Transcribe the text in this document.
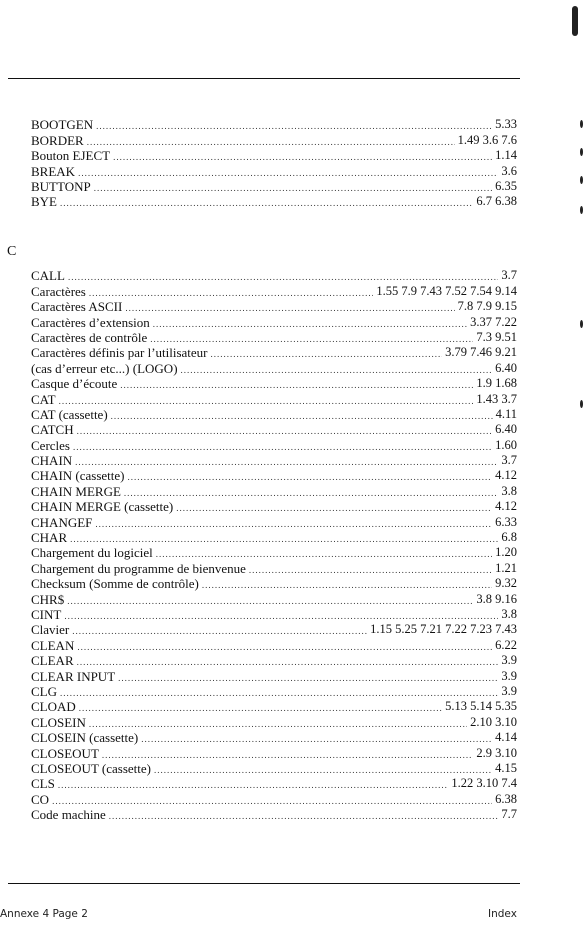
BOOTGEN .....	5.33
BORDER .....	1.49 3.6 7.6
Bouton EJECT .....	1.14
BREAK .....	3.6
BUTTONP .....	6.35
BYE .....	6.7 6.38
C
CALL .....	3.7
Caractères .....	1.55 7.9 7.43 7.52 7.54 9.14
Caractères ASCII .....	7.8 7.9 9.15
Caractères d’extension .....	3.37 7.22
Caractères de contrôle .....	7.3 9.51
Caractères définis par l’utilisateur .....	3.79 7.46 9.21
(cas d’erreur etc...) (LOGO) .....	6.40
Casque d’écoute .....	1.9 1.68
CAT .....	1.43 3.7
CAT (cassette) .....	4.11
CATCH .....	6.40
Cercles .....	1.60
CHAIN .....	3.7
CHAIN (cassette) .....	4.12
CHAIN MERGE .....	3.8
CHAIN MERGE (cassette) .....	4.12
CHANGEF .....	6.33
CHAR .....	6.8
Chargement du logiciel .....	1.20
Chargement du programme de bienvenue .....	1.21
Checksum (Somme de contrôle) .....	9.32
CHR$ .....	3.8 9.16
CINT .....	3.8
Clavier .....	1.15 5.25 7.21 7.22 7.23 7.43
CLEAN .....	6.22
CLEAR .....	3.9
CLEAR INPUT .....	3.9
CLG .....	3.9
CLOAD .....	5.13 5.14 5.35
CLOSEIN .....	2.10 3.10
CLOSEIN (cassette) .....	4.14
CLOSEOUT .....	2.9 3.10
CLOSEOUT (cassette) .....	4.15
CLS .....	1.22 3.10 7.4
CO .....	6.38
Code machine .....	7.7
Annexe 4 Page 2	Index
